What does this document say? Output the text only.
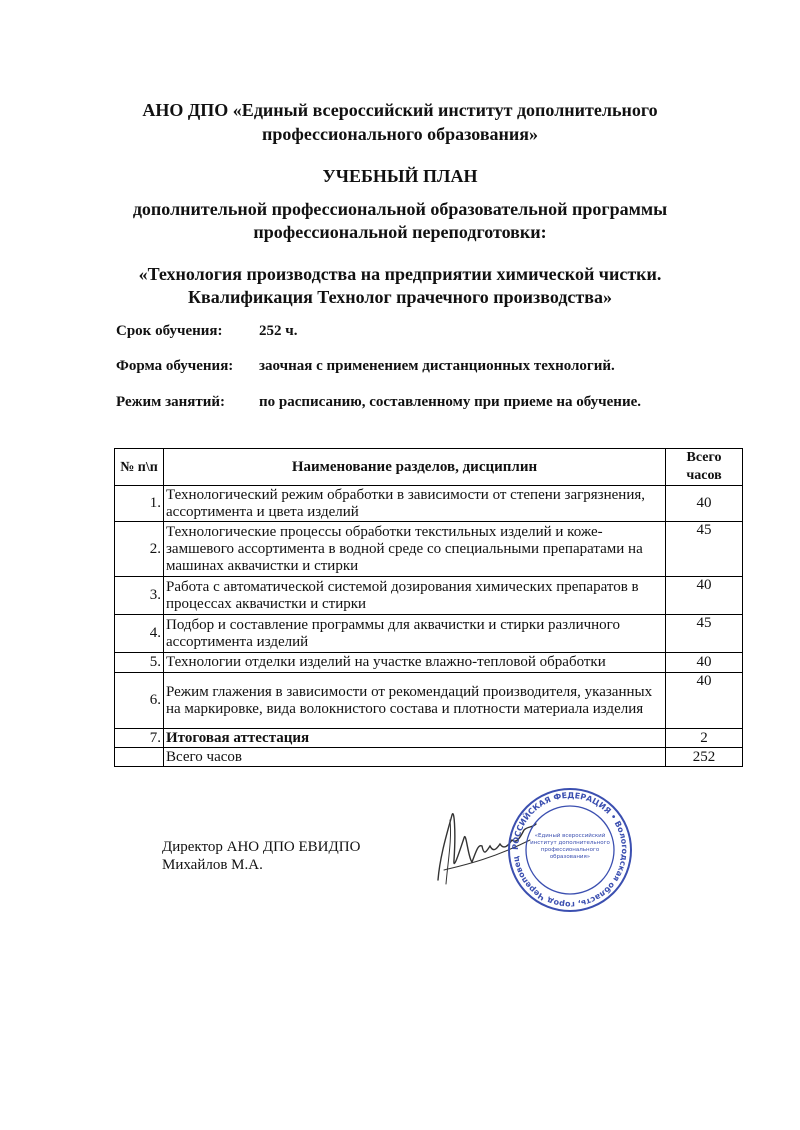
АНО ДПО «Единый всероссийский институт дополнительного
профессионального образования»
УЧЕБНЫЙ ПЛАН
дополнительной профессиональной образовательной программы
профессиональной переподготовки:
«Технология производства на предприятии химической чистки.
Квалификация Технолог прачечного производства»
Срок обучения: 252 ч.
Форма обучения: заочная с применением дистанционных технологий.
Режим занятий: по расписанию, составленному при приеме на обучение.
№ п\п	Наименование разделов, дисциплин	Всего
часов

1.	Технологический режим обработки в зависимости от степени загрязнения, ассортимента и цвета изделий	40
2.	Технологические процессы обработки текстильных изделий и коже-замшевого ассортимента в водной среде со специальными препаратами на машинах аквачистки и стирки	45
3.	Работа с автоматической системой дозирования химических препаратов в процессах аквачистки и стирки	40
4.	Подбор и составление программы для аквачистки и стирки различного ассортимента изделий	45
5.	Технологии отделки изделий на участке влажно-тепловой обработки	40
6.	Режим глажения в зависимости от рекомендаций производителя, указанных на маркировке, вида волокнистого состава и плотности материала изделия	40
7.	Итоговая аттестация	2
	Всего часов	252
Директор АНО ДПО ЕВИДПО
Михайлов М.А.
РОССИЙСКАЯ ФЕДЕРАЦИЯ • Вологодская область, город Череповец
«Единый всероссийский
институт дополнительного
профессионального
образования»
